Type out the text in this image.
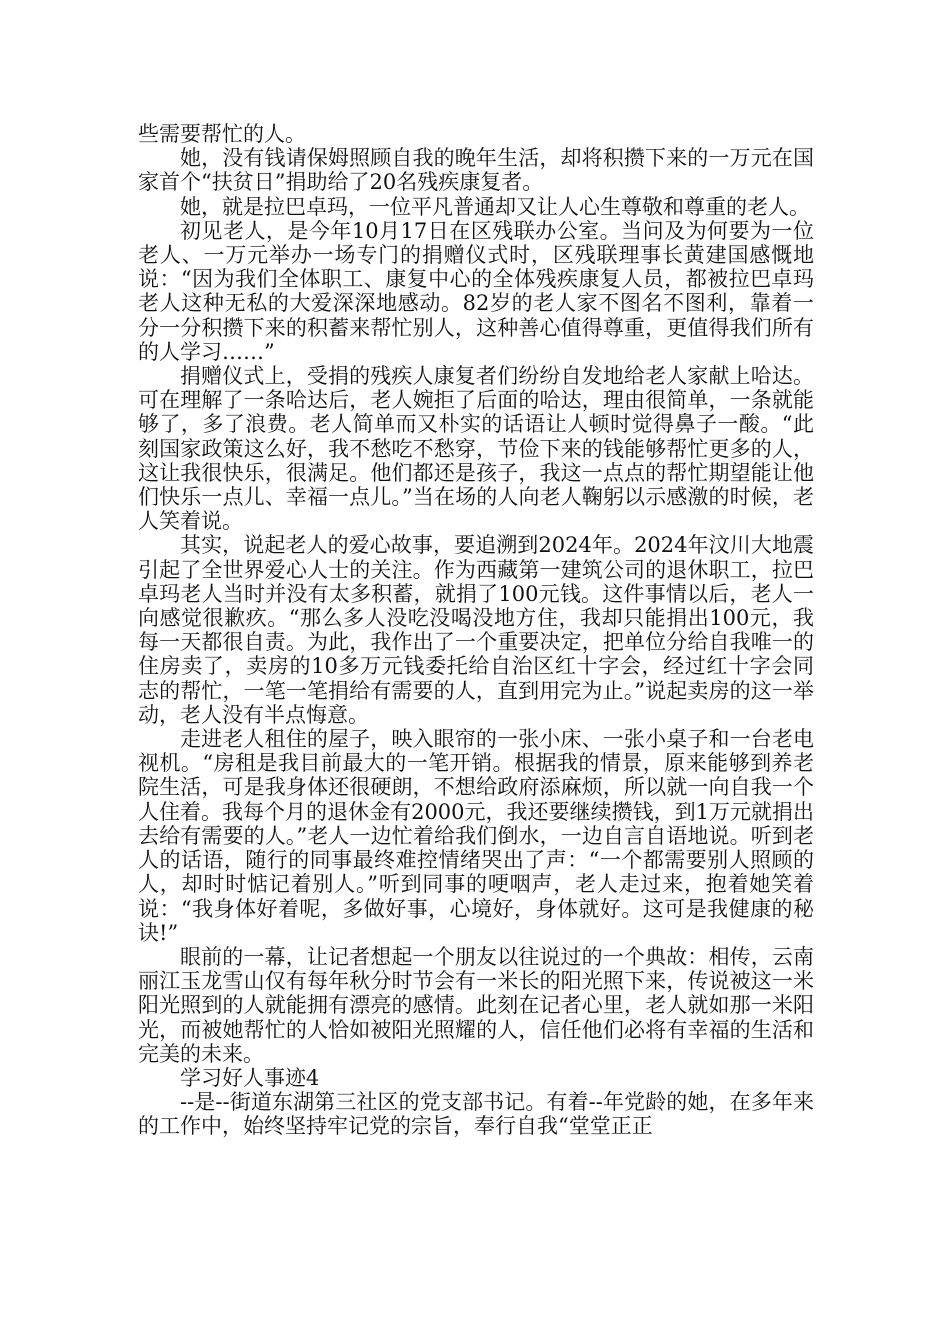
些需要帮忙的人。

她，没有钱请保姆照顾自我的晚年生活，却将积攒下来的一万元在国家首个“扶贫日”捐助给了20名残疾康复者。

她，就是拉巴卓玛，一位平凡普通却又让人心生尊敬和尊重的老人。

初见老人，是今年10月17日在区残联办公室。当问及为何要为一位老人、一万元举办一场专门的捐赠仪式时，区残联理事长黄建国感慨地说：“因为我们全体职工、康复中心的全体残疾康复人员，都被拉巴卓玛老人这种无私的大爱深深地感动。82岁的老人家不图名不图利，靠着一分一分积攒下来的积蓄来帮忙别人，这种善心值得尊重，更值得我们所有的人学习……”

捐赠仪式上，受捐的残疾人康复者们纷纷自发地给老人家献上哈达。可在理解了一条哈达后，老人婉拒了后面的哈达，理由很简单，一条就能够了，多了浪费。老人简单而又朴实的话语让人顿时觉得鼻子一酸。“此刻国家政策这么好，我不愁吃不愁穿，节俭下来的钱能够帮忙更多的人，这让我很快乐，很满足。他们都还是孩子，我这一点点的帮忙期望能让他们快乐一点儿、幸福一点儿。”当在场的人向老人鞠躬以示感激的时候，老人笑着说。

其实，说起老人的爱心故事，要追溯到2024年。2024年汶川大地震引起了全世界爱心人士的关注。作为西藏第一建筑公司的退休职工，拉巴卓玛老人当时并没有太多积蓄，就捐了100元钱。这件事情以后，老人一向感觉很歉疚。“那么多人没吃没喝没地方住，我却只能捐出100元，我每一天都很自责。为此，我作出了一个重要决定，把单位分给自我唯一的住房卖了，卖房的10多万元钱委托给自治区红十字会，经过红十字会同志的帮忙，一笔一笔捐给有需要的人，直到用完为止。”说起卖房的这一举动，老人没有半点悔意。

走进老人租住的屋子，映入眼帘的一张小床、一张小桌子和一台老电视机。“房租是我目前最大的一笔开销。根据我的情景，原来能够到养老院生活，可是我身体还很硬朗，不想给政府添麻烦，所以就一向自我一个人住着。我每个月的退休金有2000元，我还要继续攒钱，到1万元就捐出去给有需要的人。”老人一边忙着给我们倒水，一边自言自语地说。听到老人的话语，随行的同事最终难控情绪哭出了声：“一个都需要别人照顾的人，却时时惦记着别人。”听到同事的哽咽声，老人走过来，抱着她笑着说：“我身体好着呢，多做好事，心境好，身体就好。这可是我健康的秘诀!”

眼前的一幕，让记者想起一个朋友以往说过的一个典故：相传，云南丽江玉龙雪山仅有每年秋分时节会有一米长的阳光照下来，传说被这一米阳光照到的人就能拥有漂亮的感情。此刻在记者心里，老人就如那一米阳光，而被她帮忙的人恰如被阳光照耀的人，信任他们必将有幸福的生活和完美的未来。

学习好人事迹4

--是--街道东湖第三社区的党支部书记。有着--年党龄的她，在多年来的工作中，始终坚持牢记党的宗旨，奉行自我“堂堂正正
